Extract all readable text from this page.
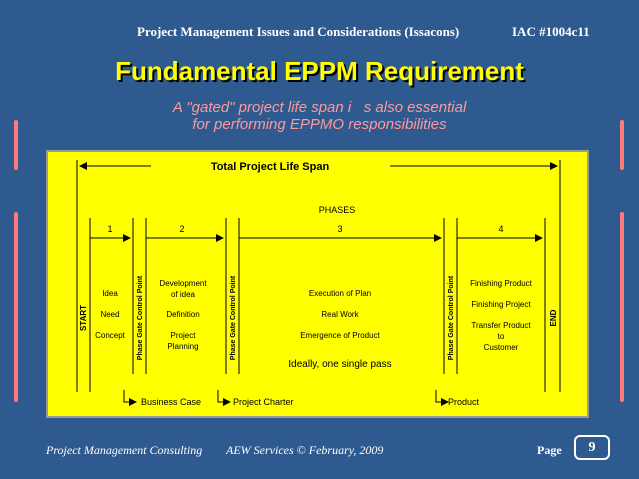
Project Management Issues and Considerations (Issacons)	IAC #1004c11
Fundamental EPPM Requirement
A "gated" project life span i   s also essential
for performing EPPMO responsibilities
Total Project Life Span
PHASES
1	2	3	4
START	END
Phase Gate Control Point	Phase Gate Control Point	Phase Gate Control Point
Idea
Need
Concept
Development
of idea
Definition
Project
Planning
Execution of Plan
Real Work
Emergence of Product
Ideally, one single pass
Finishing Product
Finishing Project
Transfer Product
to
Customer
Business Case	Project Charter	Product
Project Management Consulting AEW Services © February, 2009	Page	9
